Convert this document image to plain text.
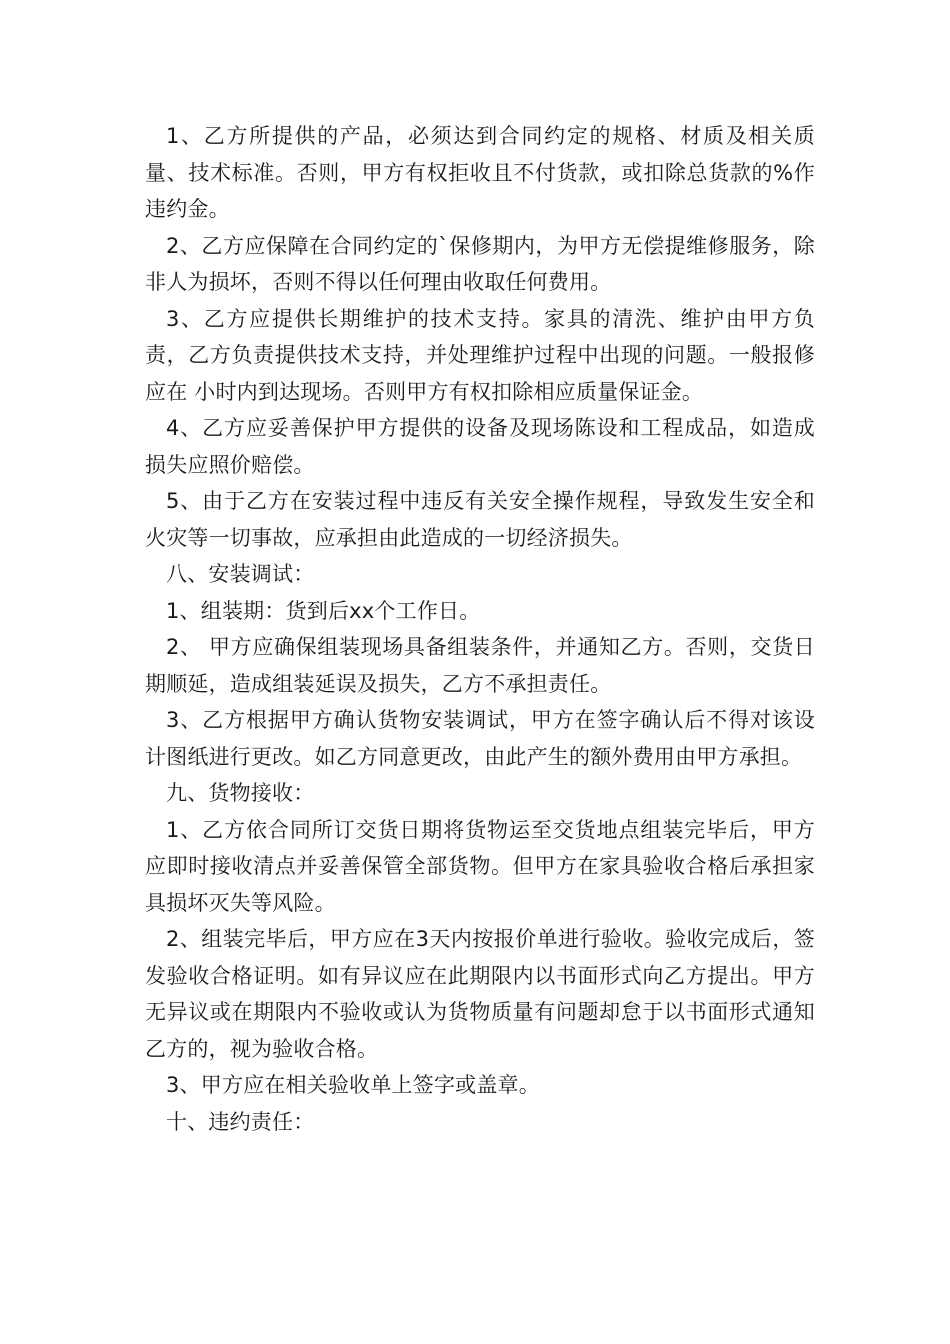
1、乙方所提供的产品，必须达到合同约定的规格、材质及相关质量、技术标准。否则，甲方有权拒收且不付货款，或扣除总货款的%作违约金。

2、乙方应保障在合同约定的`保修期内，为甲方无偿提维修服务，除非人为损坏，否则不得以任何理由收取任何费用。

3、乙方应提供长期维护的技术支持。家具的清洗、维护由甲方负责，乙方负责提供技术支持，并处理维护过程中出现的问题。一般报修应在 小时内到达现场。否则甲方有权扣除相应质量保证金。

4、乙方应妥善保护甲方提供的设备及现场陈设和工程成品，如造成损失应照价赔偿。

5、由于乙方在安装过程中违反有关安全操作规程，导致发生安全和火灾等一切事故，应承担由此造成的一切经济损失。

八、安装调试：

1、组装期：货到后xx个工作日。

2、 甲方应确保组装现场具备组装条件，并通知乙方。否则，交货日期顺延，造成组装延误及损失，乙方不承担责任。

3、乙方根据甲方确认货物安装调试，甲方在签字确认后不得对该设计图纸进行更改。如乙方同意更改，由此产生的额外费用由甲方承担。

九、货物接收：

1、乙方依合同所订交货日期将货物运至交货地点组装完毕后，甲方应即时接收清点并妥善保管全部货物。但甲方在家具验收合格后承担家具损坏灭失等风险。

2、组装完毕后，甲方应在3天内按报价单进行验收。验收完成后，签发验收合格证明。如有异议应在此期限内以书面形式向乙方提出。甲方无异议或在期限内不验收或认为货物质量有问题却怠于以书面形式通知乙方的，视为验收合格。

3、甲方应在相关验收单上签字或盖章。

十、违约责任：
